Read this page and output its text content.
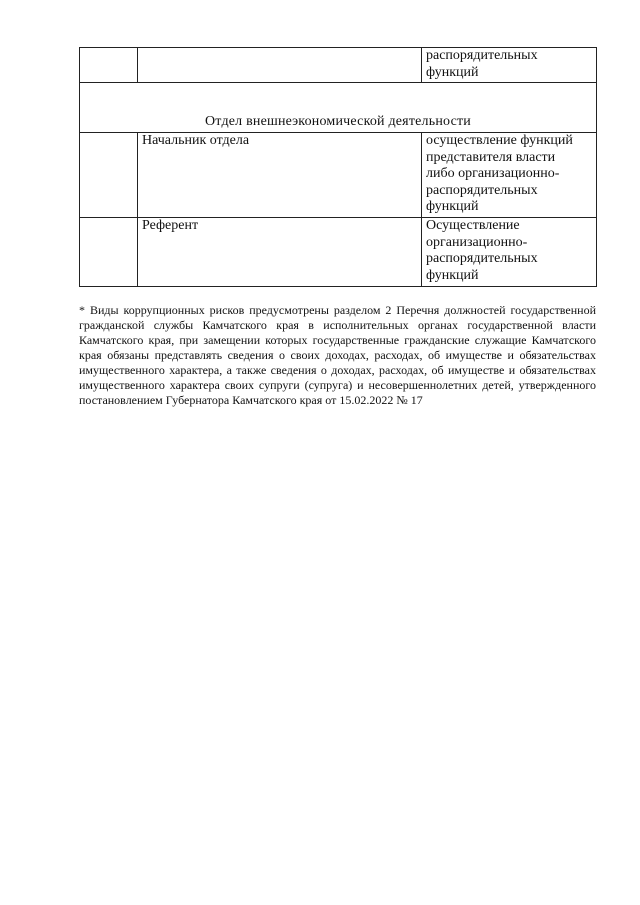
		распорядительных
функций

Отдел внешнеэкономической деятельности		

	Начальник отдела	осуществление функций
представителя власти
либо организационно-
распорядительных
функций

	Референт	Осуществление
организационно-
распорядительных
функций

* Виды коррупционных рисков предусмотрены разделом 2 Перечня должностей государственной гражданской службы Камчатского края в исполнительных органах государственной власти Камчатского края, при замещении которых государственные гражданские служащие Камчатского края обязаны представлять сведения о своих доходах, расходах, об имуществе и обязательствах имущественного характера, а также сведения о доходах, расходах, об имуществе и обязательствах имущественного характера своих супруги (супруга) и несовершеннолетних детей, утвержденного постановлением Губернатора Камчатского края от 15.02.2022 № 17
